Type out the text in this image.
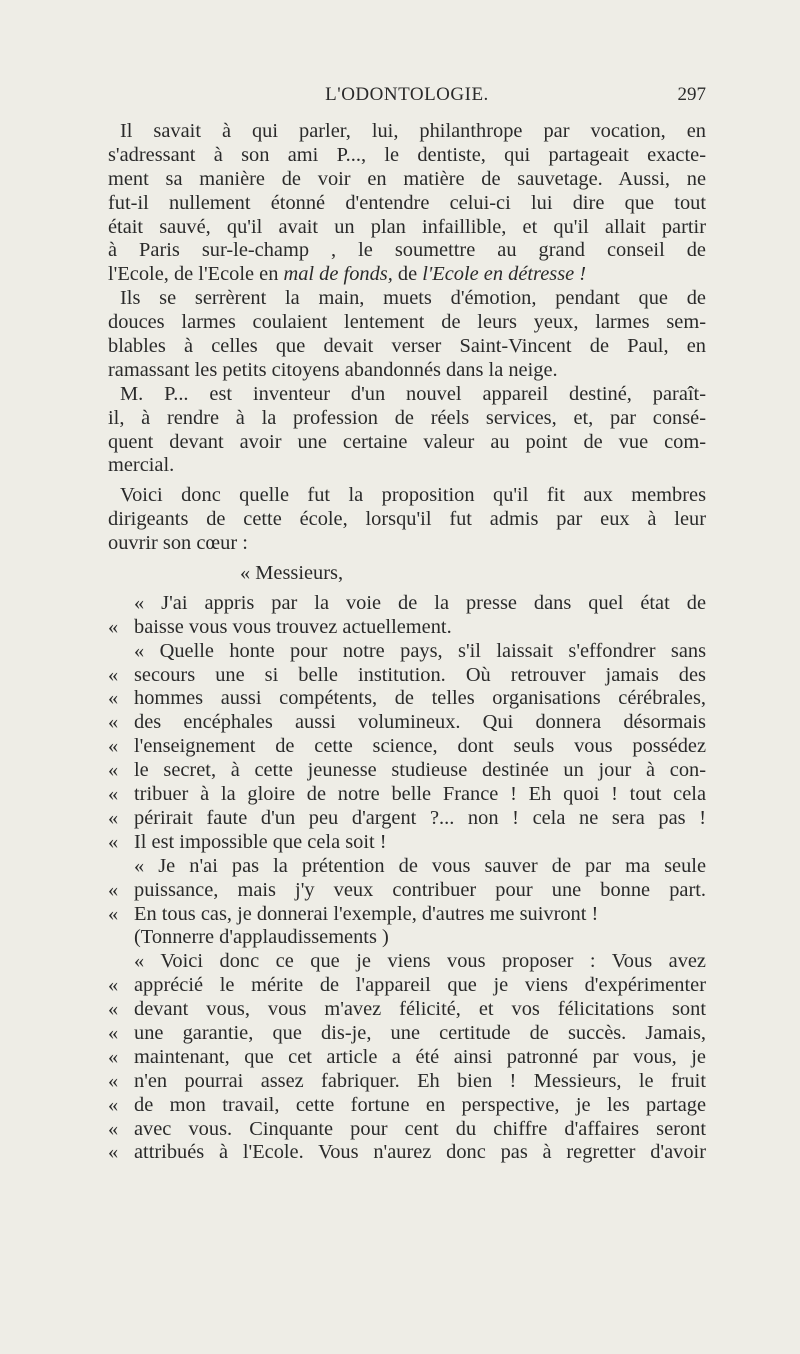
L'ODONTOLOGIE.	297
Il savait à qui parler, lui, philanthrope par vocation, en
s'adressant à son ami P..., le dentiste, qui partageait exacte-
ment sa manière de voir en matière de sauvetage. Aussi, ne
fut-il nullement étonné d'entendre celui-ci lui dire que tout
était sauvé, qu'il avait un plan infaillible, et qu'il allait partir
à Paris sur-le-champ , le soumettre au grand conseil de
l'Ecole, de l'Ecole en mal de fonds, de l'Ecole en détresse !
Ils se serrèrent la main, muets d'émotion, pendant que de
douces larmes coulaient lentement de leurs yeux, larmes sem-
blables à celles que devait verser Saint-Vincent de Paul, en
ramassant les petits citoyens abandonnés dans la neige.
M. P... est inventeur d'un nouvel appareil destiné, paraît-
il, à rendre à la profession de réels services, et, par consé-
quent devant avoir une certaine valeur au point de vue com-
mercial.
Voici donc quelle fut la proposition qu'il fit aux membres
dirigeants de cette école, lorsqu'il fut admis par eux à leur
ouvrir son cœur :
« Messieurs,
« J'ai appris par la voie de la presse dans quel état de
« baisse vous vous trouvez actuellement.
« Quelle honte pour notre pays, s'il laissait s'effondrer sans
« secours une si belle institution. Où retrouver jamais des
« hommes aussi compétents, de telles organisations cérébrales,
« des encéphales aussi volumineux. Qui donnera désormais
« l'enseignement de cette science, dont seuls vous possédez
« le secret, à cette jeunesse studieuse destinée un jour à con-
« tribuer à la gloire de notre belle France ! Eh quoi ! tout cela
« périrait faute d'un peu d'argent ?... non ! cela ne sera pas !
« Il est impossible que cela soit !
« Je n'ai pas la prétention de vous sauver de par ma seule
« puissance, mais j'y veux contribuer pour une bonne part.
« En tous cas, je donnerai l'exemple, d'autres me suivront !
(Tonnerre d'applaudissements )
« Voici donc ce que je viens vous proposer : Vous avez
« apprécié le mérite de l'appareil que je viens d'expérimenter
« devant vous, vous m'avez félicité, et vos félicitations sont
« une garantie, que dis-je, une certitude de succès. Jamais,
« maintenant, que cet article a été ainsi patronné par vous, je
« n'en pourrai assez fabriquer. Eh bien ! Messieurs, le fruit
« de mon travail, cette fortune en perspective, je les partage
« avec vous. Cinquante pour cent du chiffre d'affaires seront
« attribués à l'Ecole. Vous n'aurez donc pas à regretter d'avoir
